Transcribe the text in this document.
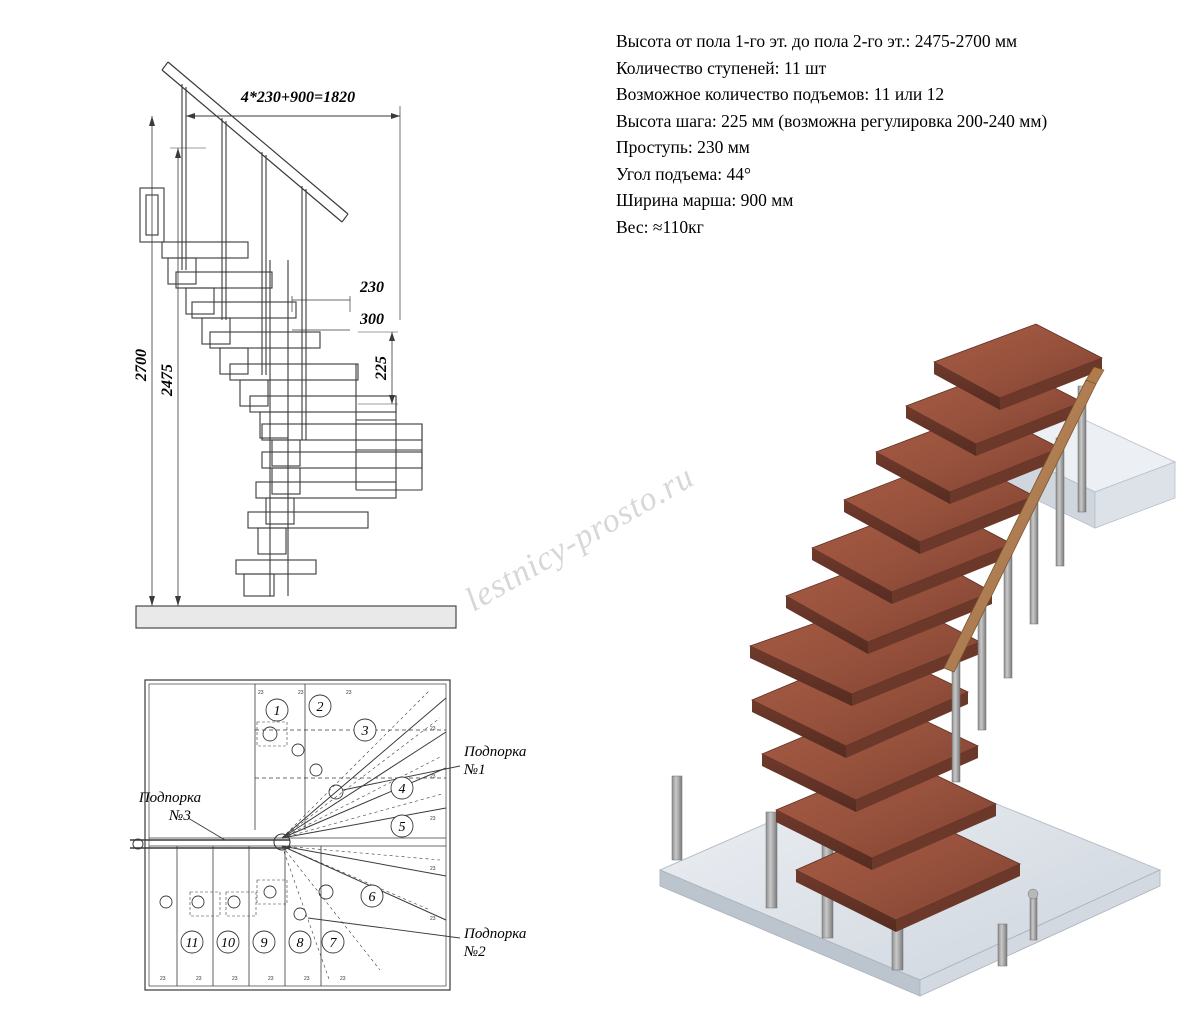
Высота от пола 1-го эт. до пола 2-го эт.: 2475-2700 мм
Количество ступеней: 11 шт
Возможное количество подъемов: 11 или 12
Высота шага: 225 мм (возможна регулировка 200-240 мм)
Проступь: 230 мм
Угол подъема: 44°
Ширина марша: 900 мм
Вес: ≈110кг
4*230+900=1820
230
300
225
2700 2475
1	2
3
4
5
6
7
8
9
10
11
23	23	23
23
23
23
23
23
23	23	23	23	23	23
Подпорка
№1
Подпорка
№2
Подпорка
№3
lestnicy-prosto.ru
